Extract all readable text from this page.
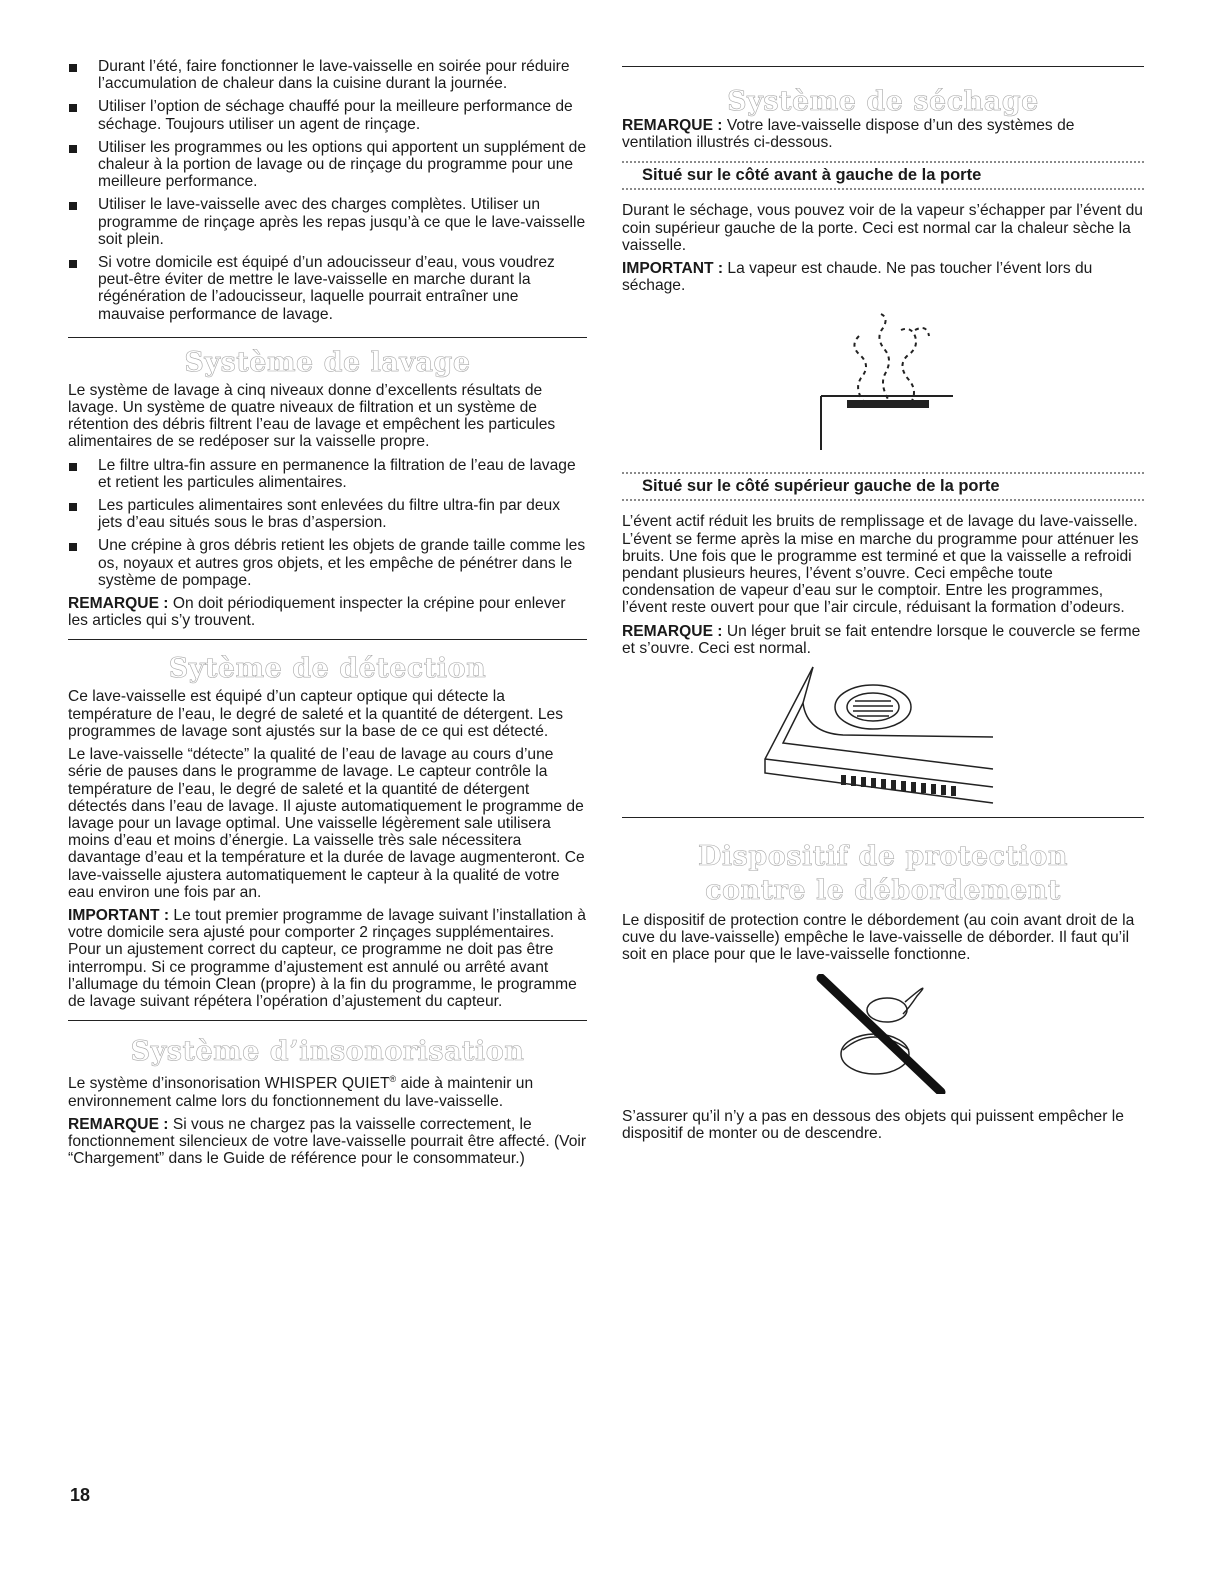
Durant l’été, faire fonctionner le lave-vaisselle en soirée pour réduire l’accumulation de chaleur dans la cuisine durant la journée.
Utiliser l’option de séchage chauffé pour la meilleure performance de séchage. Toujours utiliser un agent de rinçage.
Utiliser les programmes ou les options qui apportent un supplément de chaleur à la portion de lavage ou de rinçage du programme pour une meilleure performance.
Utiliser le lave-vaisselle avec des charges complètes. Utiliser un programme de rinçage après les repas jusqu’à ce que le lave-vaisselle soit plein.
Si votre domicile est équipé d’un adoucisseur d’eau, vous voudrez peut-être éviter de mettre le lave-vaisselle en marche durant la régénération de l’adoucisseur, laquelle pourrait entraîner une mauvaise performance de lavage.
Système de lavage

Le système de lavage à cinq niveaux donne d’excellents résultats de lavage. Un système de quatre niveaux de filtration et un système de rétention des débris filtrent l’eau de lavage et empêchent les particules alimentaires de se redéposer sur la vaisselle propre.

Le filtre ultra-fin assure en permanence la filtration de l’eau de lavage et retient les particules alimentaires.
Les particules alimentaires sont enlevées du filtre ultra-fin par deux jets d’eau situés sous le bras d’aspersion.
Une crépine à gros débris retient les objets de grande taille comme les os, noyaux et autres gros objets, et les empêche de pénétrer dans le système de pompage.

REMARQUE : On doit périodiquement inspecter la crépine pour enlever les articles qui s’y trouvent.

Sytème de détection

Ce lave-vaisselle est équipé d’un capteur optique qui détecte la température de l’eau, le degré de saleté et la quantité de détergent. Les programmes de lavage sont ajustés sur la base de ce qui est détecté.

Le lave-vaisselle “détecte” la qualité de l’eau de lavage au cours d’une série de pauses dans le programme de lavage. Le capteur contrôle la température de l’eau, le degré de saleté et la quantité de détergent détectés dans l’eau de lavage. Il ajuste automatiquement le programme de lavage pour un lavage optimal. Une vaisselle légèrement sale utilisera moins d’eau et moins d’énergie. La vaisselle très sale nécessitera davantage d’eau et la température et la durée de lavage augmenteront. Ce lave-vaisselle ajustera automatiquement le capteur à la qualité de votre eau environ une fois par an.

IMPORTANT : Le tout premier programme de lavage suivant l’installation à votre domicile sera ajusté pour comporter 2 rinçages supplémentaires. Pour un ajustement correct du capteur, ce programme ne doit pas être interrompu. Si ce programme d’ajustement est annulé ou arrêté avant l’allumage du témoin Clean (propre) à la fin du programme, le programme de lavage suivant répétera l’opération d’ajustement du capteur.

Système d’insonorisation

Le système d’insonorisation WHISPER QUIET® aide à maintenir un environnement calme lors du fonctionnement du lave-vaisselle.

REMARQUE : Si vous ne chargez pas la vaisselle correctement, le fonctionnement silencieux de votre lave-vaisselle pourrait être affecté. (Voir “Chargement” dans le Guide de référence pour le consommateur.)

Système de séchage

REMARQUE : Votre lave-vaisselle dispose d’un des systèmes de ventilation illustrés ci-dessous.

Situé sur le côté avant à gauche de la porte

Durant le séchage, vous pouvez voir de la vapeur s’échapper par l’évent du coin supérieur gauche de la porte. Ceci est normal car la chaleur sèche la vaisselle.

IMPORTANT : La vapeur est chaude. Ne pas toucher l’évent lors du séchage.

Situé sur le côté supérieur gauche de la porte

L’évent actif réduit les bruits de remplissage et de lavage du lave-vaisselle. L’évent se ferme après la mise en marche du programme pour atténuer les bruits. Une fois que le programme est terminé et que la vaisselle a refroidi pendant plusieurs heures, l’évent s’ouvre. Ceci empêche toute condensation de vapeur d’eau sur le comptoir. Entre les programmes, l’évent reste ouvert pour que l’air circule, réduisant la formation d’odeurs.

REMARQUE : Un léger bruit se fait entendre lorsque le couvercle se ferme et s’ouvre. Ceci est normal.

Dispositif de protection
contre le débordement

Le dispositif de protection contre le débordement (au coin avant droit de la cuve du lave-vaisselle) empêche le lave-vaisselle de déborder. Il faut qu’il soit en place pour que le lave-vaisselle fonctionne.

S’assurer qu’il n’y a pas en dessous des objets qui puissent empêcher le dispositif de monter ou de descendre.

18
